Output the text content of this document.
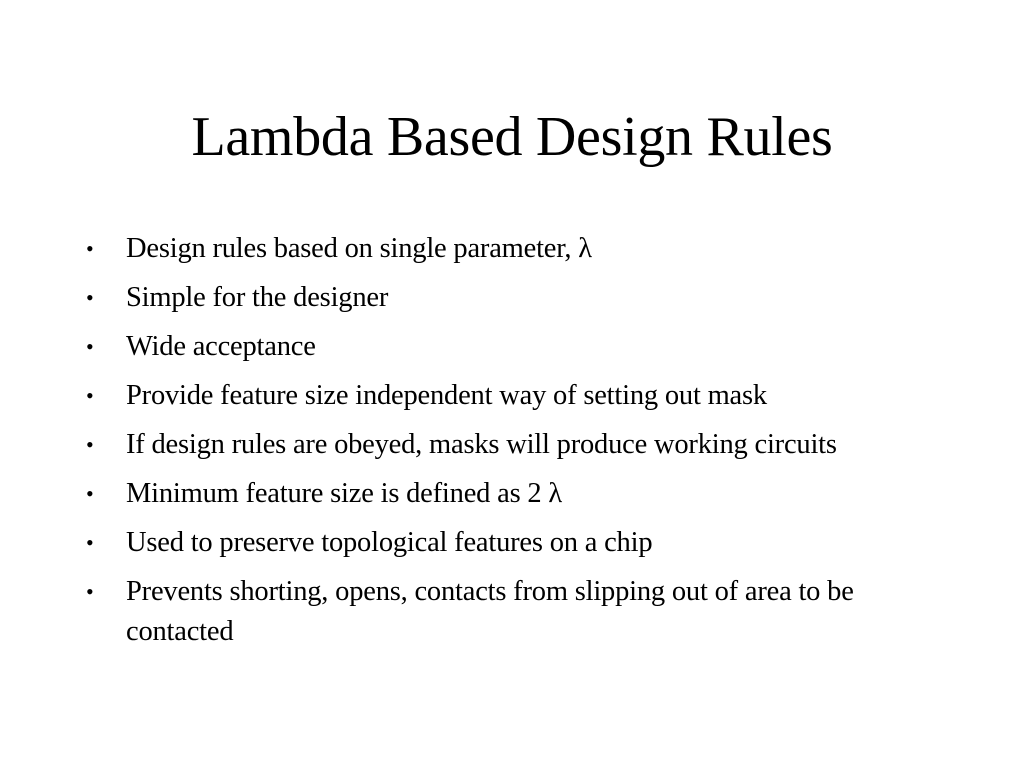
Lambda Based Design Rules
•	Design rules based on single parameter, λ
•	Simple for the designer
•	Wide acceptance
•	Provide feature size independent way of setting out mask
•	If design rules are obeyed, masks will produce working circuits
•	Minimum feature size is defined as 2 λ
•	Used to preserve topological features on a chip
•	Prevents shorting, opens, contacts from slipping out of area to be contacted
